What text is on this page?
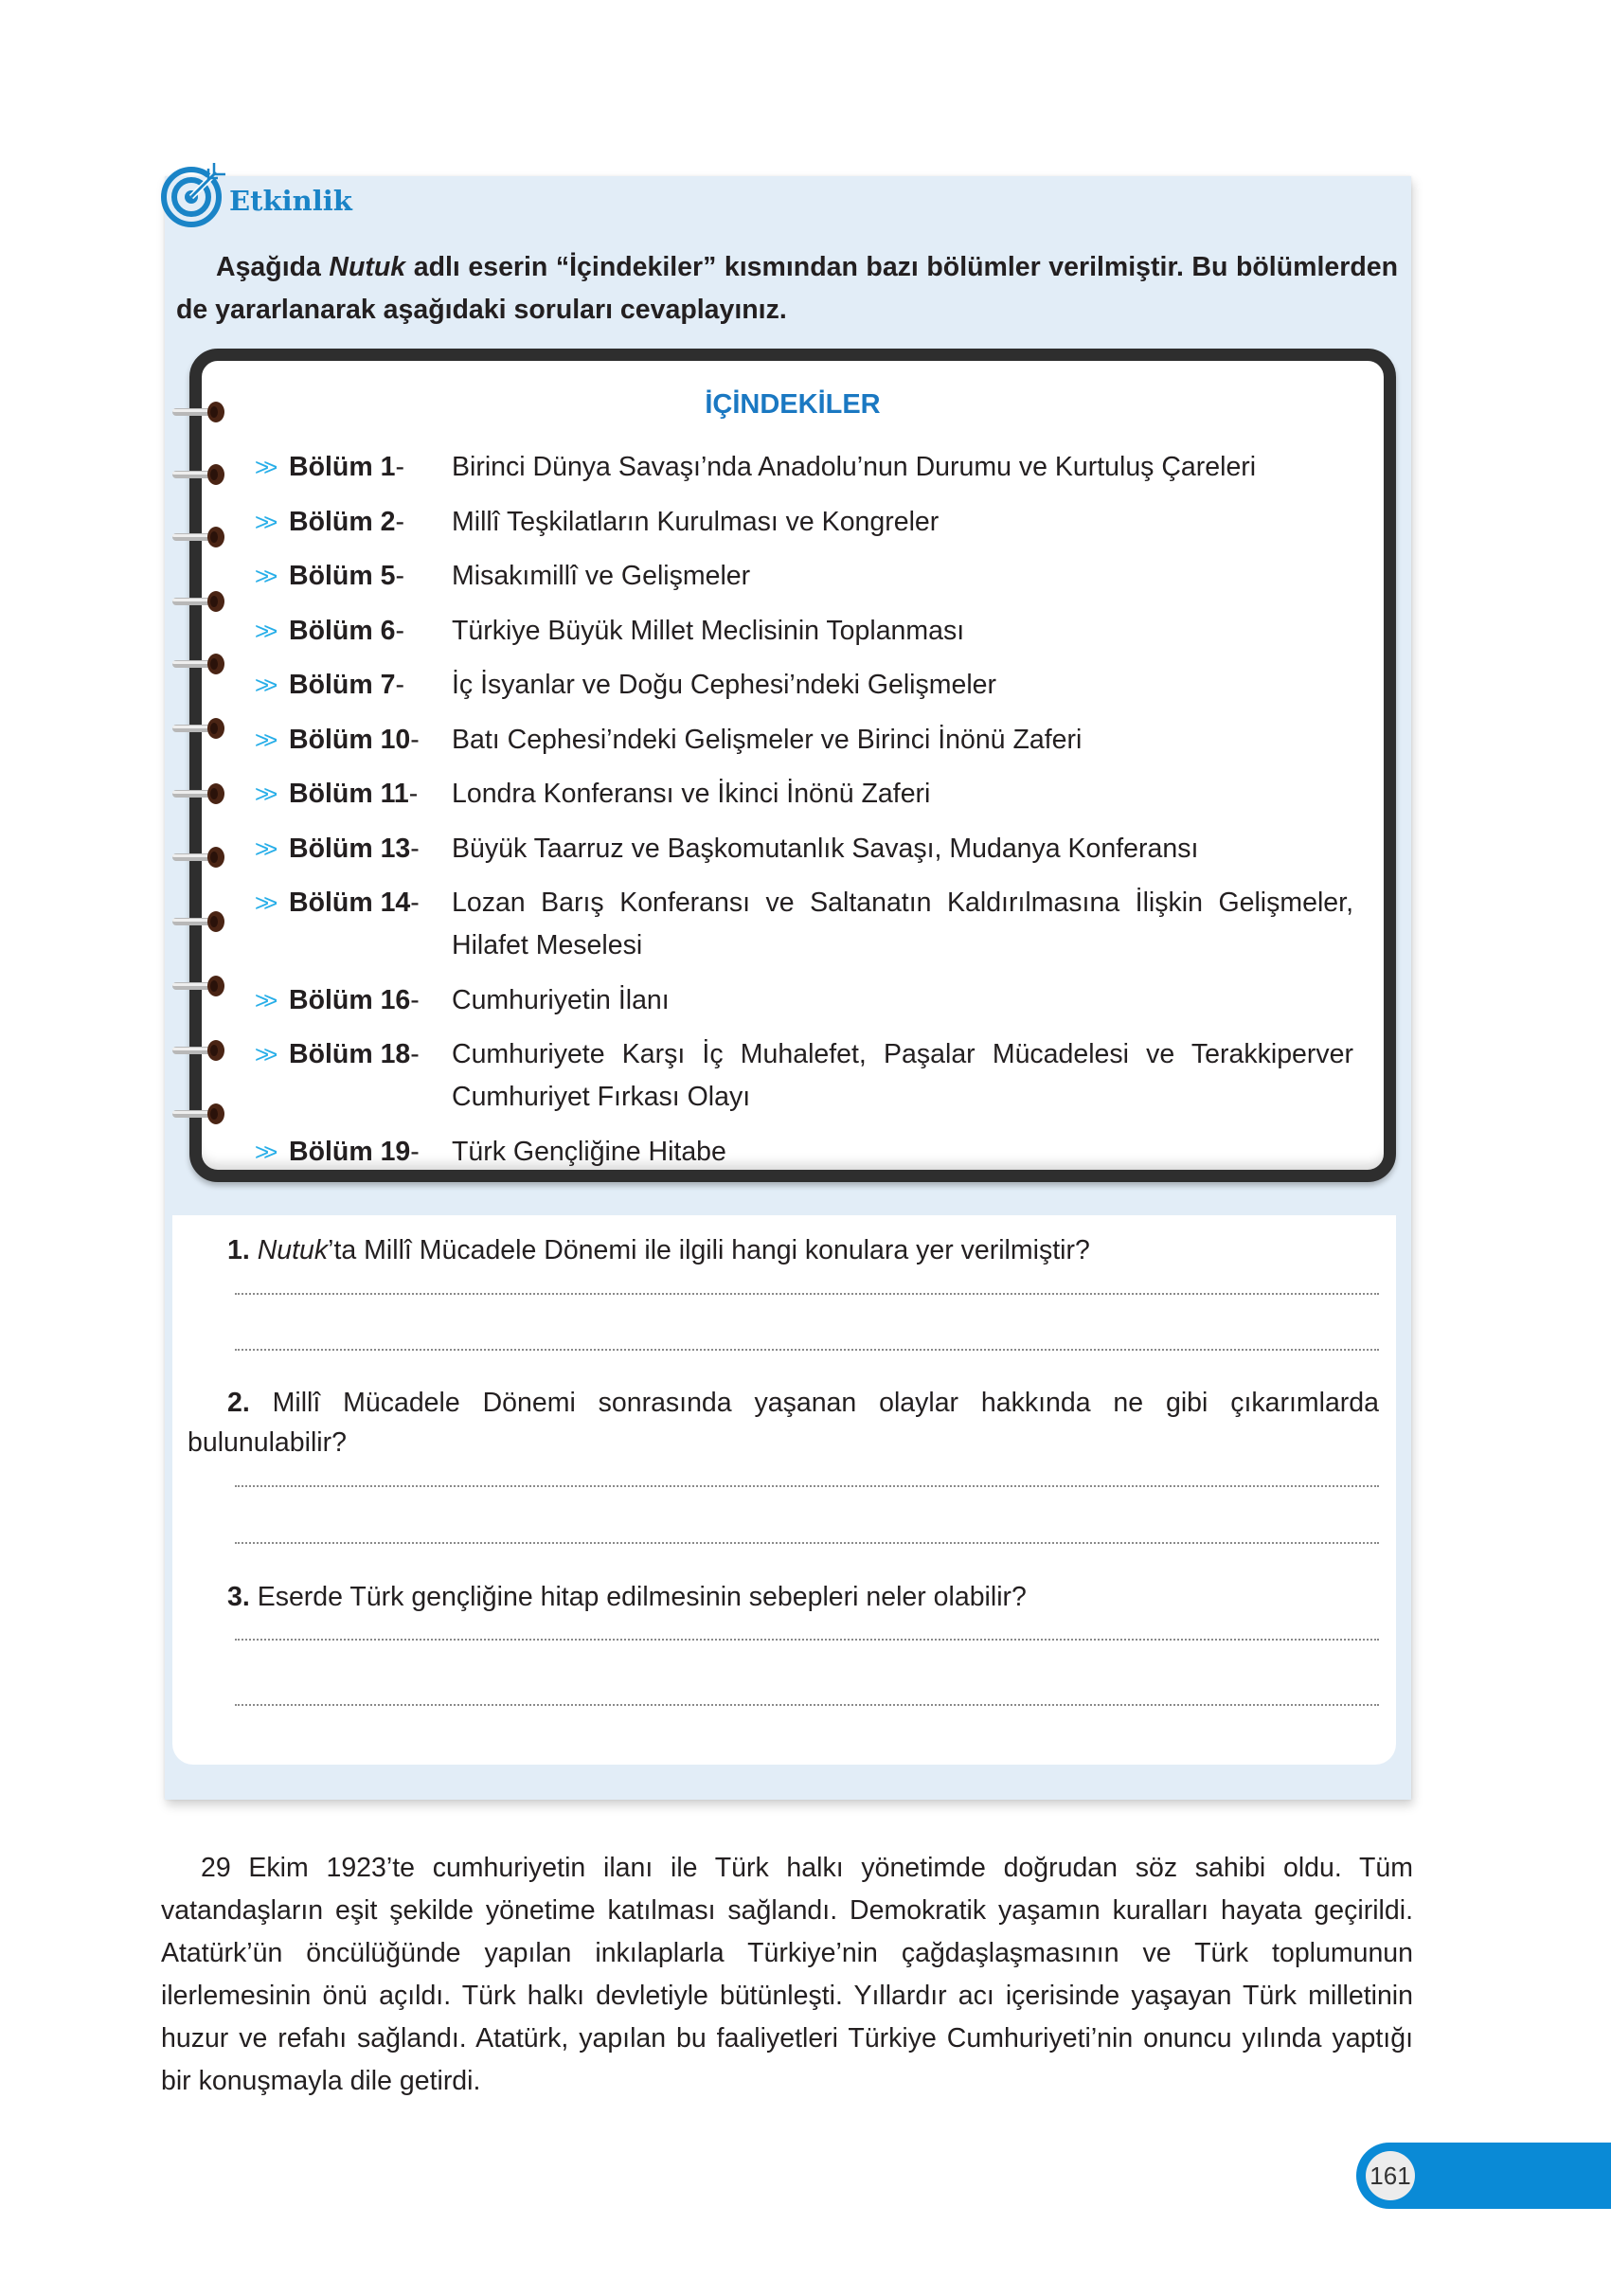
Etkinlik
Aşağıda Nutuk adlı eserin “İçindekiler” kısmından bazı bölümler verilmiştir. Bu bölümlerden de yararlanarak aşağıdaki soruları cevaplayınız.
İÇİNDEKİLER
>> Bölüm 1-	Birinci Dünya Savaşı’nda Anadolu’nun Durumu ve Kurtuluş Çareleri
>> Bölüm 2-	Millî Teşkilatların Kurulması ve Kongreler
>> Bölüm 5-	Misakımillî ve Gelişmeler
>> Bölüm 6-	Türkiye Büyük Millet Meclisinin Toplanması
>> Bölüm 7-	İç İsyanlar ve Doğu Cephesi’ndeki Gelişmeler
>> Bölüm 10-	Batı Cephesi’ndeki Gelişmeler ve Birinci İnönü Zaferi
>> Bölüm 11-	Londra Konferansı ve İkinci İnönü Zaferi
>> Bölüm 13-	Büyük Taarruz ve Başkomutanlık Savaşı, Mudanya Konferansı
>> Bölüm 14-	Lozan Barış Konferansı ve Saltanatın Kaldırılmasına İlişkin Gelişmeler, Hilafet Meselesi
>> Bölüm 16-	Cumhuriyetin İlanı
>> Bölüm 18-	Cumhuriyete Karşı İç Muhalefet, Paşalar Mücadelesi ve Terakkiperver Cumhuriyet Fırkası Olayı
>> Bölüm 19-	Türk Gençliğine Hitabe
1. Nutuk’ta Millî Mücadele Dönemi ile ilgili hangi konulara yer verilmiştir?
2. Millî Mücadele Dönemi sonrasında yaşanan olaylar hakkında ne gibi çıkarımlarda bulunulabilir?
3. Eserde Türk gençliğine hitap edilmesinin sebepleri neler olabilir?
29 Ekim 1923’te cumhuriyetin ilanı ile Türk halkı yönetimde doğrudan söz sahibi oldu. Tüm vatandaşların eşit şekilde yönetime katılması sağlandı. Demokratik yaşamın kuralları hayata geçirildi. Atatürk’ün öncülüğünde yapılan inkılaplarla Türkiye’nin çağdaşlaşmasının ve Türk toplumunun ilerlemesinin önü açıldı. Türk halkı devletiyle bütünleşti. Yıllardır acı içerisinde yaşayan Türk milletinin huzur ve refahı sağlandı. Atatürk, yapılan bu faaliyetleri Türkiye Cumhuriyeti’nin onuncu yılında yaptığı bir konuşmayla dile getirdi.
161
